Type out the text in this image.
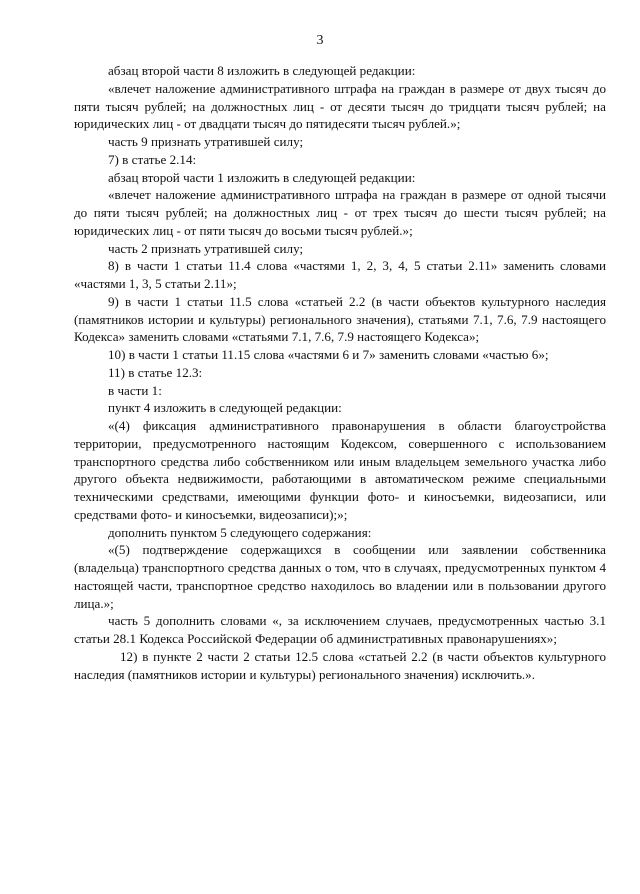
3

абзац второй части 8 изложить в следующей редакции:

«влечет наложение административного штрафа на граждан в размере от двух тысяч до пяти тысяч рублей; на должностных лиц - от десяти тысяч до тридцати тысяч рублей; на юридических лиц - от двадцати тысяч до пятидесяти тысяч рублей.»;

часть 9 признать утратившей силу;

7) в статье 2.14:

абзац второй части 1 изложить в следующей редакции:

«влечет наложение административного штрафа на граждан в размере от одной тысячи до пяти тысяч рублей; на должностных лиц - от трех тысяч до шести тысяч рублей; на юридических лиц - от пяти тысяч до восьми тысяч рублей.»;

часть 2 признать утратившей силу;

8) в части 1 статьи 11.4 слова «частями 1, 2, 3, 4, 5 статьи 2.11» заменить словами «частями 1, 3, 5 статьи 2.11»;

9) в части 1 статьи 11.5 слова «статьей 2.2 (в части объектов культурного наследия (памятников истории и культуры) регионального значения), статьями 7.1, 7.6, 7.9 настоящего Кодекса» заменить словами «статьями 7.1, 7.6, 7.9 настоящего Кодекса»;

10) в части 1 статьи 11.15 слова «частями 6 и 7» заменить словами «частью 6»;

11) в статье 12.3:

в части 1:

пункт 4 изложить в следующей редакции:

«(4) фиксация административного правонарушения в области благоустройства территории, предусмотренного настоящим Кодексом, совершенного с использованием транспортного средства либо собственником или иным владельцем земельного участка либо другого объекта недвижимости, работающими в автоматическом режиме специальными техническими средствами, имеющими функции фото- и киносъемки, видеозаписи, или средствами фото- и киносъемки, видеозаписи);»;

дополнить пунктом 5 следующего содержания:

«(5) подтверждение содержащихся в сообщении или заявлении собственника (владельца) транспортного средства данных о том, что в случаях, предусмотренных пунктом 4 настоящей части, транспортное средство находилось во владении или в пользовании другого лица.»;

часть 5 дополнить словами «, за исключением случаев, предусмотренных частью 3.1 статьи 28.1 Кодекса Российской Федерации об административных правонарушениях»;

12) в пункте 2 части 2 статьи 12.5 слова «статьей 2.2 (в части объектов культурного наследия (памятников истории и культуры) регионального значения) исключить.».
